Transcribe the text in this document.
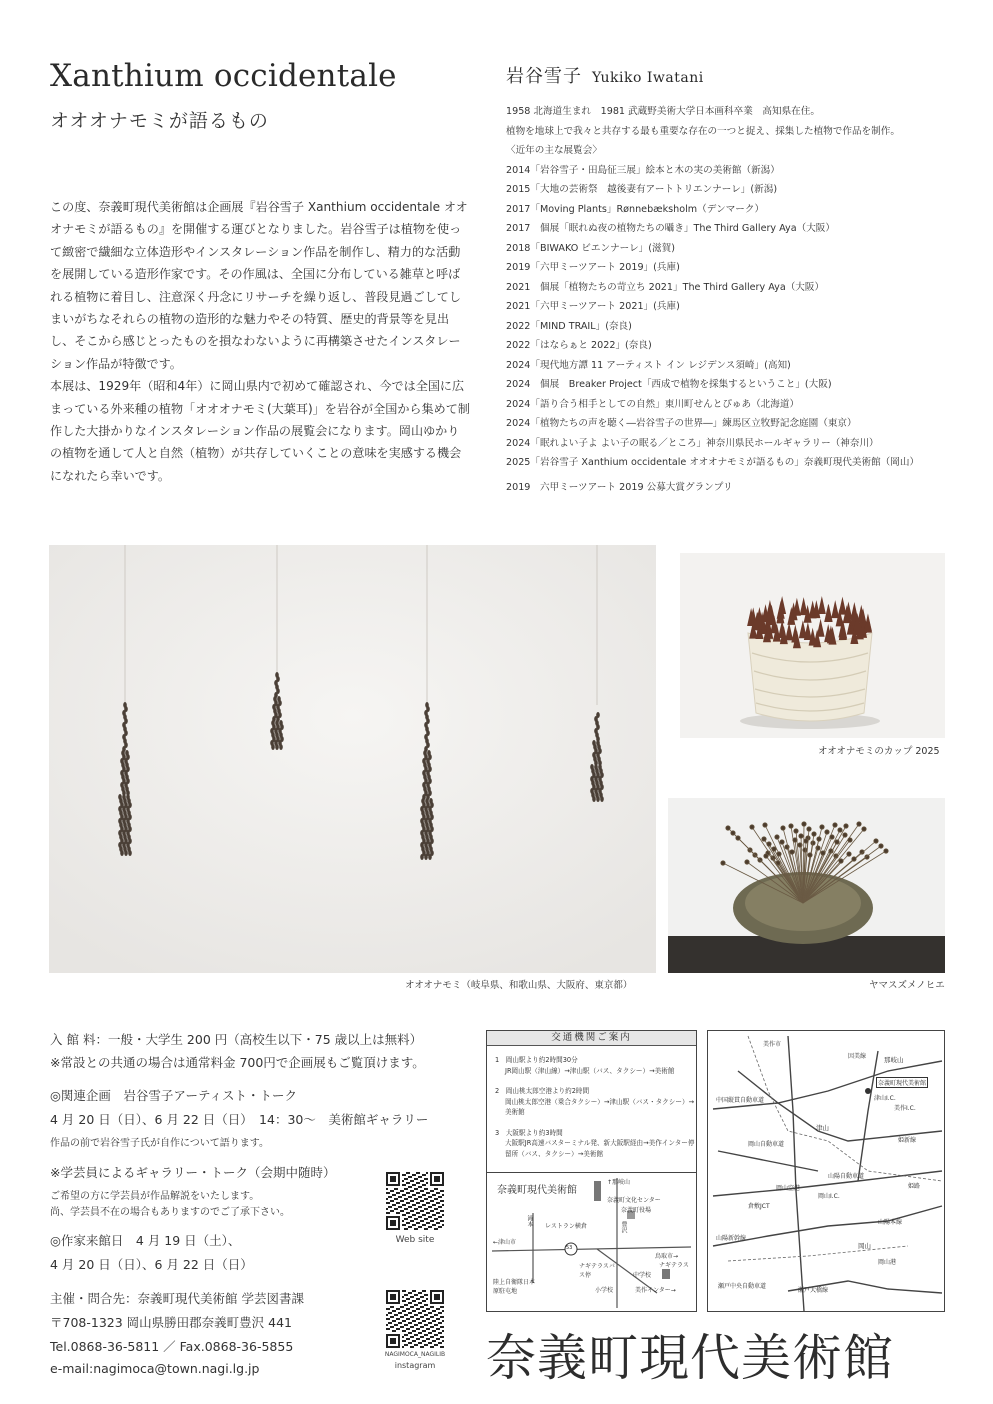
Xanthium occidentale
オオオナモミが語るもの

この度、奈義町現代美術館は企画展『岩谷雪子 Xanthium occidentale オオオナモミが語るもの』を開催する運びとなりました。岩谷雪子は植物を使って緻密で繊細な立体造形やインスタレーション作品を制作し、精力的な活動を展開している造形作家です。その作風は、全国に分布している雑草と呼ばれる植物に着目し、注意深く丹念にリサーチを繰り返し、普段見過ごしてしまいがちなそれらの植物の造形的な魅力やその特質、歴史的背景等を見出し、そこから感じとったものを損なわないように再構築させたインスタレーション作品が特徴です。

本展は、1929年（昭和4年）に岡山県内で初めて確認され、今では全国に広まっている外来種の植物「オオオナモミ(大葉耳)」を岩谷が全国から集めて制作した大掛かりなインスタレーション作品の展覧会になります。岡山ゆかりの植物を通して人と自然（植物）が共存していくことの意味を実感する機会になれたら幸いです。

岩谷雪子 Yukiko Iwatani
1958 北海道生まれ　1981 武蔵野美術大学日本画科卒業　高知県在住。
植物を地球上で我々と共存する最も重要な存在の一つと捉え、採集した植物で作品を制作。
〈近年の主な展覧会〉
2014「岩谷雪子・田島征三展」絵本と木の実の美術館（新潟）
2015「大地の芸術祭　越後妻有アートトリエンナーレ」(新潟)
2017「Moving Plants」Rønnebæksholm（デンマーク）
2017　個展「眠れぬ夜の植物たちの囁き」The Third Gallery Aya（大阪）
2018「BIWAKO ビエンナーレ」(滋賀)
2019「六甲ミーツアート 2019」(兵庫)
2021　個展「植物たちの苛立ち 2021」The Third Gallery Aya（大阪）
2021「六甲ミーツアート 2021」(兵庫)
2022「MIND TRAIL」(奈良)
2022「はならぁと 2022」(奈良)
2024「現代地方譚 11 アーティスト イン レジデンス須崎」(高知)
2024　個展　Breaker Project「西成で植物を採集するということ」(大阪)
2024「語り合う相手としての自然」東川町せんとぴゅあ（北海道）
2024「植物たちの声を聴く―岩谷雪子の世界―」練馬区立牧野記念庭園（東京）
2024「眠れよい子よ よい子の眠る／ところ」神奈川県民ホールギャラリー（神奈川）
2025「岩谷雪子 Xanthium occidentale オオオナモミが語るもの」奈義町現代美術館（岡山）
2019　六甲ミーツアート 2019 公募大賞グランプリ
オオオナモミ（岐阜県、和歌山県、大阪府、東京都）
オオオナモミのカップ 2025
ヤマスズメノヒエ
入 館 料：一般・大学生 200 円（高校生以下・75 歳以上は無料）
※常設との共通の場合は通常料金 700円で企画展もご覧頂けます。
◎関連企画　岩谷雪子アーティスト・トーク
4 月 20 日（日）、6 月 22 日（日）　14：30～　美術館ギャラリー
作品の前で岩谷雪子氏が自作について語ります。
※学芸員によるギャラリー・トーク（会期中随時）
ご希望の方に学芸員が作品解説をいたします。
尚、学芸員不在の場合もありますのでご了承下さい。
◎作家来館日　4 月 19 日（土）、
4 月 20 日（日）、6 月 22 日（日）
主催・問合先：奈義町現代美術館 学芸図書課
〒708-1323 岡山県勝田郡奈義町豊沢 441
Tel.0868-36-5811 ／ Fax.0868-36-5855
e-mail:nagimoca@town.nagi.lg.jp
Web site
NAGIMOCA_NAGILIB
instagram
交通機関ご案内
1　 岡山駅より約2時間30分
JR岡山駅（津山線）→津山駅（バス、タクシー）→美術館
2　 岡山桃太郎空港より約2時間
岡山桃太郎空港（乗合タクシー）→津山駅（バス・タクシー）→美術館
3　 大阪駅より約3時間
大阪駅JR高速バスターミナル発、新大阪駅経由→美作インター停留所（バス、タクシー）→美術館
奈義町現代美術館
↑那岐山
奈義町文化センター
奈義町役場
滝本 レストラン横倉	豊沢
←津山市
53
鳥取市→
ナギテラス
ナギテラスバス停
陸上自衛隊日本原駐屯地	小学校
中学校
美作インター→
美作市
因美線	那岐山
奈義町現代美術館
中国縦貫自動車道	津山I.C.
美作I.C.
津山
姫新線
岡山自動車道
岡山空港
山陽自動車道
岡山I.C.
倉敷JCT
山陽新幹線
岡山
岡山港
瀬戸中央自動車道
瀬戸大橋線
山陽本線
姫路
奈義町現代美術館
